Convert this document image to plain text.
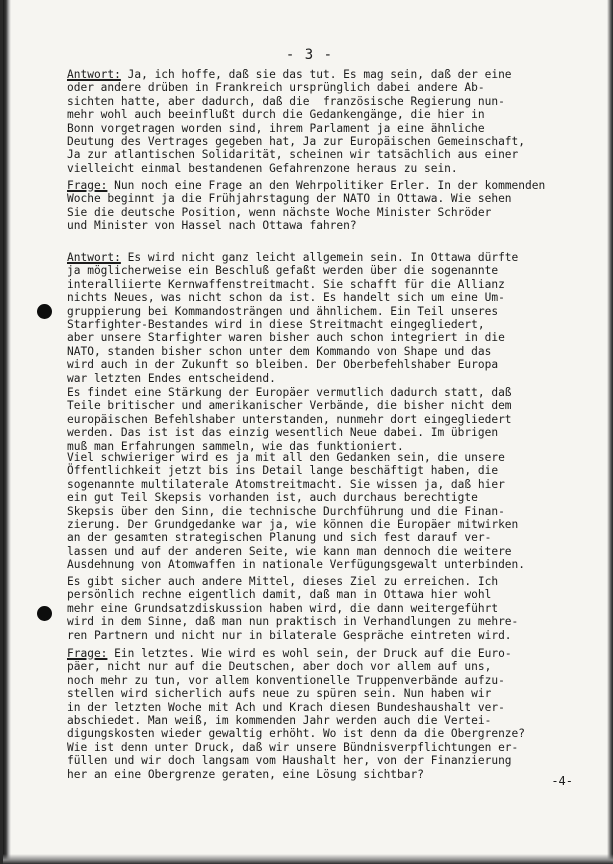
- 3 -
Antwort: Ja, ich hoffe, daß sie das tut. Es mag sein, daß der eine
oder andere drüben in Frankreich ursprünglich dabei andere Ab-
sichten hatte, aber dadurch, daß die  französische Regierung nun-
mehr wohl auch beeinflußt durch die Gedankengänge, die hier in
Bonn vorgetragen worden sind, ihrem Parlament ja eine ähnliche
Deutung des Vertrages gegeben hat, Ja zur Europäischen Gemeinschaft,
Ja zur atlantischen Solidarität, scheinen wir tatsächlich aus einer
vielleicht einmal bestandenen Gefahrenzone heraus zu sein.
Frage: Nun noch eine Frage an den Wehrpolitiker Erler. In der kommenden
Woche beginnt ja die Frühjahrstagung der NATO in Ottawa. Wie sehen
Sie die deutsche Position, wenn nächste Woche Minister Schröder
und Minister von Hassel nach Ottawa fahren?
Antwort: Es wird nicht ganz leicht allgemein sein. In Ottawa dürfte
ja möglicherweise ein Beschluß gefaßt werden über die sogenannte
interalliierte Kernwaffenstreitmacht. Sie schafft für die Allianz
nichts Neues, was nicht schon da ist. Es handelt sich um eine Um-
gruppierung bei Kommandosträngen und ähnlichem. Ein Teil unseres
Starfighter-Bestandes wird in diese Streitmacht eingegliedert,
aber unsere Starfighter waren bisher auch schon integriert in die
NATO, standen bisher schon unter dem Kommando von Shape und das
wird auch in der Zukunft so bleiben. Der Oberbefehlshaber Europa
war letzten Endes entscheidend.
Es findet eine Stärkung der Europäer vermutlich dadurch statt, daß
Teile britischer und amerikanischer Verbände, die bisher nicht dem
europäischen Befehlshaber unterstanden, nunmehr dort eingegliedert
werden. Das ist ist das einzig wesentlich Neue dabei. Im übrigen
muß man Erfahrungen sammeln, wie das funktioniert.
Viel schwieriger wird es ja mit all den Gedanken sein, die unsere
Öffentlichkeit jetzt bis ins Detail lange beschäftigt haben, die
sogenannte multilaterale Atomstreitmacht. Sie wissen ja, daß hier
ein gut Teil Skepsis vorhanden ist, auch durchaus berechtigte
Skepsis über den Sinn, die technische Durchführung und die Finan-
zierung. Der Grundgedanke war ja, wie können die Europäer mitwirken
an der gesamten strategischen Planung und sich fest darauf ver-
lassen und auf der anderen Seite, wie kann man dennoch die weitere
Ausdehnung von Atomwaffen in nationale Verfügungsgewalt unterbinden.
Es gibt sicher auch andere Mittel, dieses Ziel zu erreichen. Ich
persönlich rechne eigentlich damit, daß man in Ottawa hier wohl
mehr eine Grundsatzdiskussion haben wird, die dann weitergeführt
wird in dem Sinne, daß man nun praktisch in Verhandlungen zu mehre-
ren Partnern und nicht nur in bilaterale Gespräche eintreten wird.
Frage: Ein letztes. Wie wird es wohl sein, der Druck auf die Euro-
päer, nicht nur auf die Deutschen, aber doch vor allem auf uns,
noch mehr zu tun, vor allem konventionelle Truppenverbände aufzu-
stellen wird sicherlich aufs neue zu spüren sein. Nun haben wir
in der letzten Woche mit Ach und Krach diesen Bundeshaushalt ver-
abschiedet. Man weiß, im kommenden Jahr werden auch die Vertei-
digungskosten wieder gewaltig erhöht. Wo ist denn da die Obergrenze?
Wie ist denn unter Druck, daß wir unsere Bündnisverpflichtungen er-
füllen und wir doch langsam vom Haushalt her, von der Finanzierung
her an eine Obergrenze geraten, eine Lösung sichtbar?	-4-
